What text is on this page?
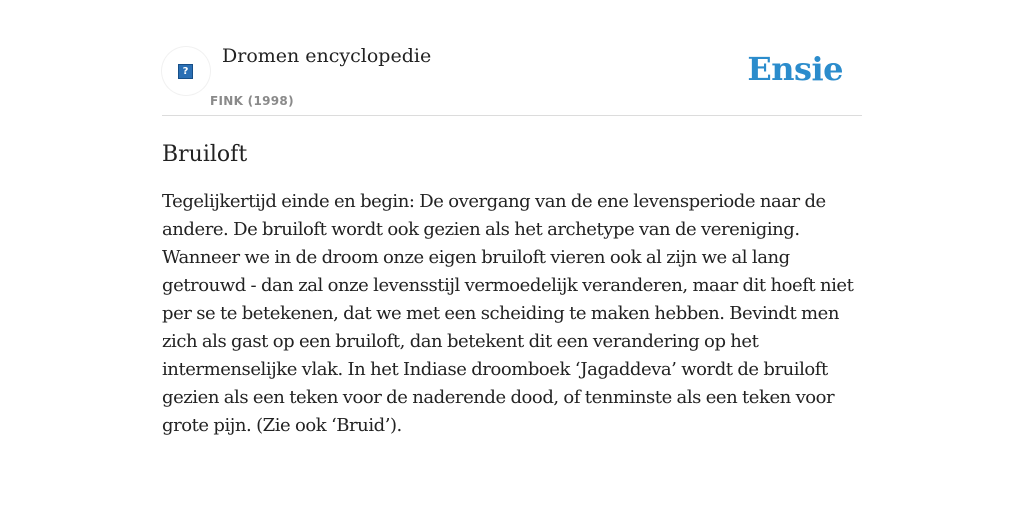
?
Dromen encyclopedie
FINK (1998)
Ensie
Bruiloft

Tegelijkertijd einde en begin: De overgang van de ene levensperiode naar de andere. De bruiloft wordt ook gezien als het archetype van de vereniging. Wanneer we in de droom onze eigen bruiloft vieren ook al zijn we al lang getrouwd - dan zal onze levensstijl vermoedelijk veranderen, maar dit hoeft niet per se te betekenen, dat we met een scheiding te maken hebben. Bevindt men zich als gast op een bruiloft, dan betekent dit een verandering op het intermenselijke vlak. In het Indiase droomboek ‘Jagaddeva’ wordt de bruiloft gezien als een teken voor de naderende dood, of tenminste als een teken voor grote pijn. (Zie ook ‘Bruid’).
